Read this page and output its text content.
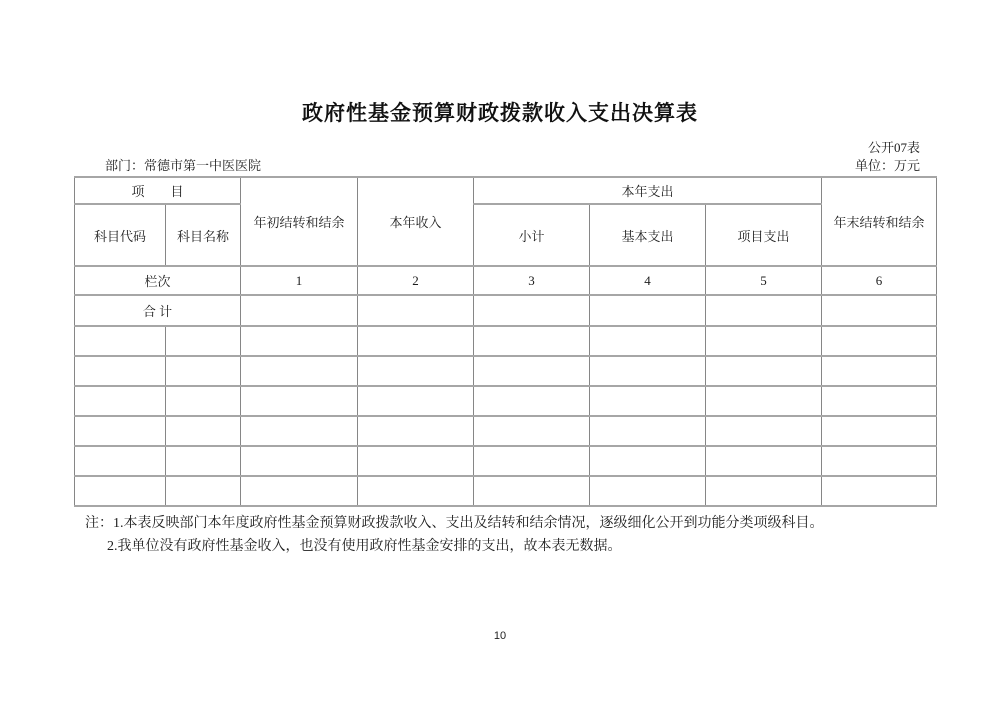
政府性基金预算财政拨款收入支出决算表
公开07表
部门：常德市第一中医医院	单位：万元
项　　目		年初结转和结余	本年收入	本年支出			年末结转和结余
科目代码	科目名称			小计	基本支出	项目支出	
栏次		1	2	3	4	5	6
合 计							

注：1.本表反映部门本年度政府性基金预算财政拨款收入、支出及结转和结余情况，逐级细化公开到功能分类项级科目。
2.我单位没有政府性基金收入，也没有使用政府性基金安排的支出，故本表无数据。
10
